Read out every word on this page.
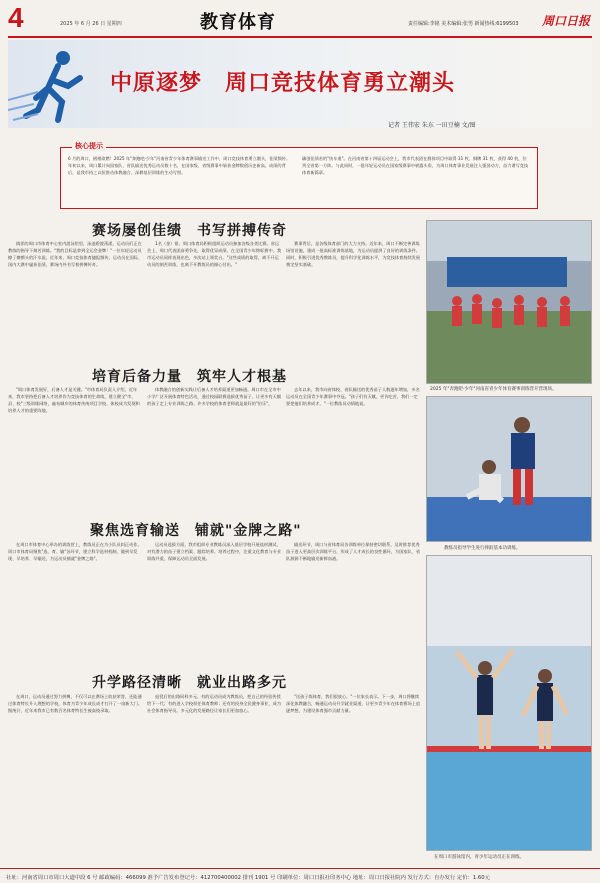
4	2025 年 6 月 26 日 星期四	教育体育	责任编辑:李铭 美术编辑:张男 新闻热线:6199503 周口日报
中原逐梦　周口竞技体育勇立潮头
记者 王伟宏 朱东 一田豆楠 文/图
核心提示
6 月的周口，褶褶欲燃！2025 年"奔跑吧·少年"河南省青少年体育赛事输送工作中，周口竞技体育勇立潮头，佳绩频传。年初以来，周口累计向国家队、省队输送优秀运动员数十名，在国家级、省级赛事中斩获金牌数创历史新高。成绩的背后，是我市持之以恒推动体教融合、深耕基层训练的生动写照。
确创佳绩若的"快车道"。在河南省第十四届运动会上，我市代表团在群体项目中取得 31 枚、铜牌 31 枚，获得 40 枚，位列全省第一方阵。与此同时，一批年轻运动员在国家级赛事中崭露头角，为周口体育事业发展注入强劲动力，奋力谱写竞技体育新篇章。
赛场屡创佳绩　书写拼搏传奇
徜徉的周口市体育中心室内游泳馆里，泳池碧波荡漾，运动员们正在教练的指导下刻苦训练。"我的目标是拿到全运会金牌！"一位年轻运动员擦了擦额头的汗水说。近年来，周口竞技体育捷报频传，运动员在国际、国内大赛中屡获佳绩，赛场内外书写着拼搏传奇。
1名（金）银，周口体育局积极组织运动员参加各级各类比赛。省运会上，周口代表团奋勇争先，取得优异成绩。在全国青少年锦标赛中，我市运动员同样表现出色，多次站上领奖台。"这些成绩的取得，离不开运动员的刻苦训练，也离不开教练员的倾心付出。"
赛事背后，是各级体育部门的大力支持。近年来，周口不断完善训练场馆设施，建成一批高标准训练基地，为运动员提供了良好的训练条件。同时，积极引进优秀教练员，提升科学化训练水平，为竞技体育持续发展奠定坚实基础。
2025 年"奔跑吧·少年"河南省青少年体育赛事训练营开营现场。
培育后备力量　筑牢人才根基
"周口体育发展好，后备人才是关键。"市体育局负责人介绍，近年来，我市坚持把后备人才培养作为竞技体育的生命线，建立健全"市、县、校"三级训练网络，遍布城乡的体育传统项目学校、体校成为发现和培养人才的重要阵地。
体教融合的创新实践让后备人才培养渠道更加畅通。周口市在全市中小学广泛开展体育特色活动，通过校园联赛选拔优秀苗子，让更多有天赋的孩子走上专业训练之路。许多学校的体育老师就是最好的"伯乐"。
去年以来，我市向省体校、省队输送的优秀苗子人数逐年增加，多名运动员在全国青少年赛事中夺冠。"孩子们有天赋，更肯吃苦，我们一定要把他们培养成才。"一位教练员动情地说。
教练员指导学生进行摔跤基本功训练。
聚焦选育输送　铺就"金牌之路"
在周口市体育中心举办的训练营上，教练员正在为小队员纠正动作。周口市体育局聚焦"选、育、输"各环节，建立科学选材机制，做到早发现、早培养、早输送，为运动员铺就"金牌之路"。
运动员选拔方面，我市组织专业教练员深入基层学校开展选材测试，对有潜力的苗子建立档案、跟踪培养。培养过程中，注重文化教育与专业训练并重，保障运动员全面发展。
输送环节，周口与省体育局各训练单位保持密切联系，及时推荐优秀苗子进入更高层次训练平台，形成了人才成长的良性循环，为国家队、省队源源不断地输送新鲜血液。
在周口市游泳馆内，青少年运动员正在训练。
升学路径清晰　就业出路多元
在周口，运动员通过努力拼搏，不仅可以在赛场上收获荣誉，还能通过体育特长升入理想的学校，体育为青少年成长成才打开了一扇新大门。据统计，近年来我市已有数百名体育特长生被高校录取。
退役后的出路同样多元。有的运动员成为教练员，把自己的经验传授给下一代；有的进入学校担任体育教师；还有的投身全民健身事业，成为社会体育指导员。多元化的发展路径让家长们更加放心。
"送孩子练体育，我们很放心。"一位家长表示。下一步，周口将继续深化体教融合，畅通运动员升学就业渠道，让更多青少年在体育赛场上追逐梦想，为建设体育强市贡献力量。
社址：河南省周口市周口大道中段 6 号 邮政编码：466099 准予广告发布登记号：412700400002 排刊 1901 号 印刷单位：周口日报社印务中心 地址：周口日报社院内 发行方式：自办发行 定价：1.60元
